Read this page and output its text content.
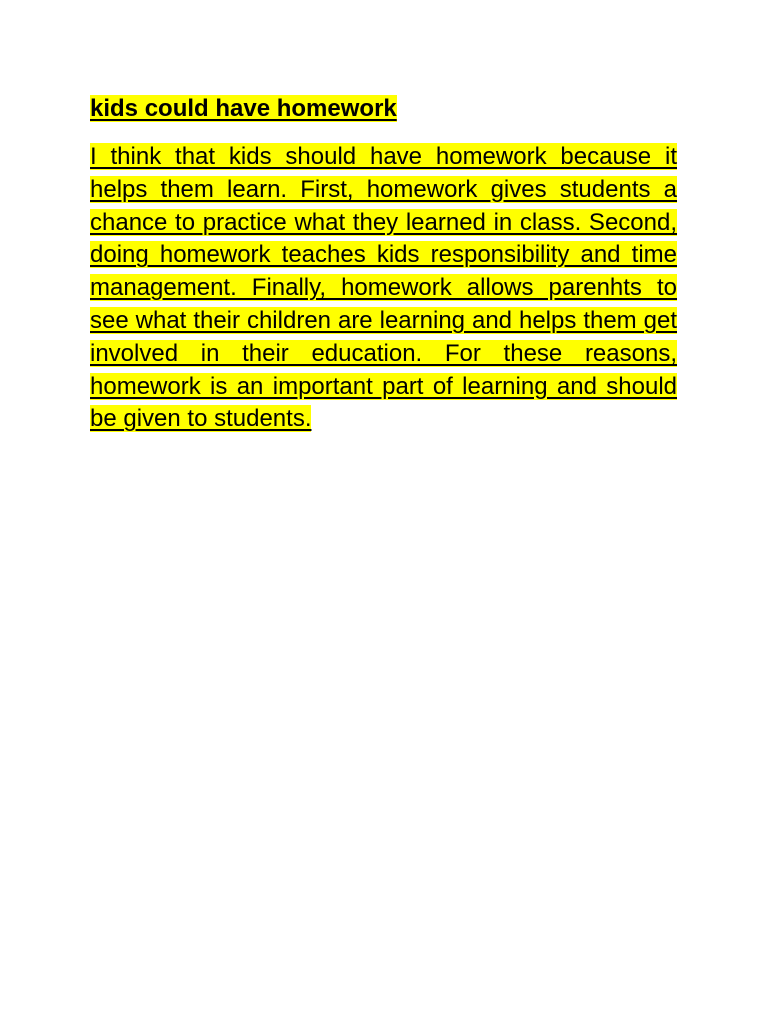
kids could have homework

I think that kids should have homework because it helps them learn. First, homework gives students a chance to practice what they learned in class. Second, doing homework teaches kids responsibility and time management. Finally, homework allows parenhts to see what their children are learning and helps them get involved in their education. For these reasons, homework is an important part of learning and should be given to students.
